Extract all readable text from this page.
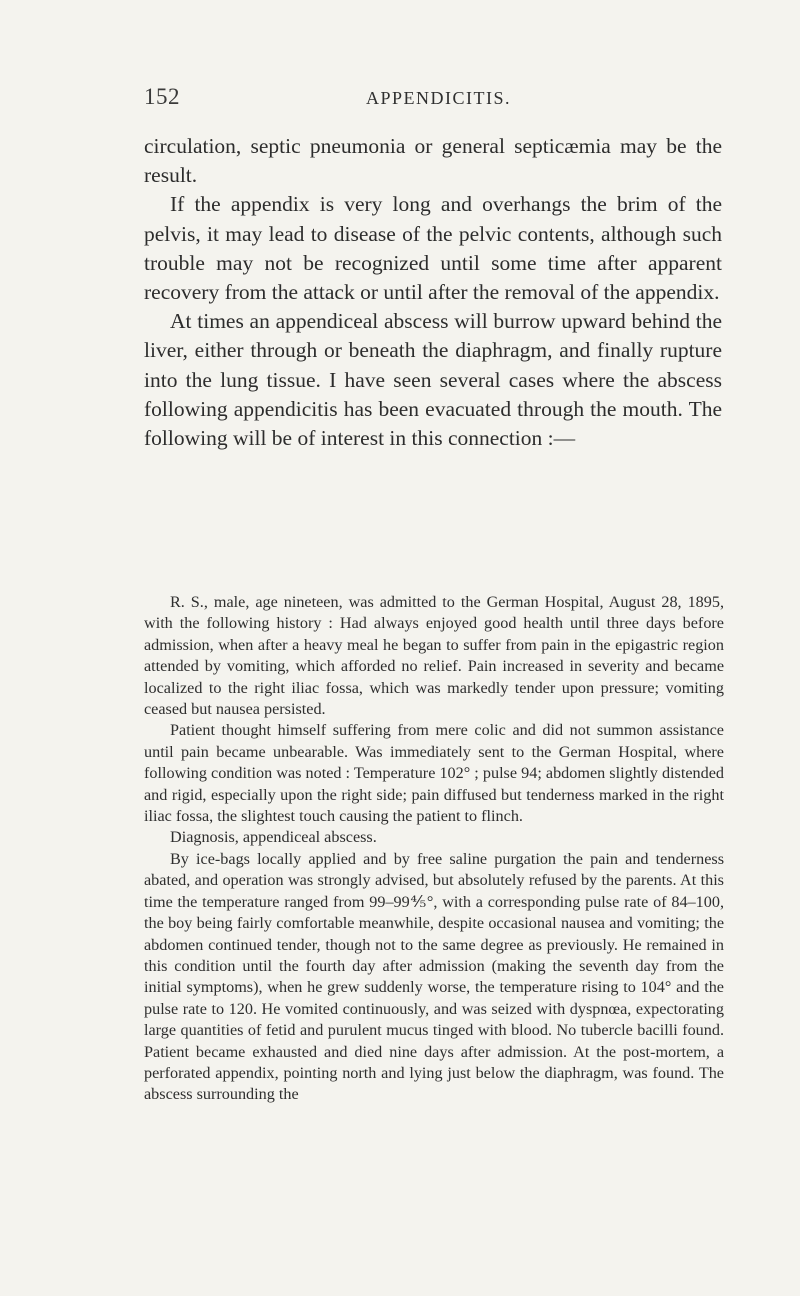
152	APPENDICITIS.

circulation, septic pneumonia or general septicæmia may be the result.

If the appendix is very long and overhangs the brim of the pelvis, it may lead to disease of the pelvic contents, although such trouble may not be recognized until some time after apparent recovery from the attack or until after the removal of the appendix.

At times an appendiceal abscess will burrow upward behind the liver, either through or beneath the diaphragm, and finally rupture into the lung tissue. I have seen several cases where the abscess following appendicitis has been evacuated through the mouth. The following will be of interest in this connection :—

R. S., male, age nineteen, was admitted to the German Hospital, August 28, 1895, with the following history : Had always enjoyed good health until three days before admission, when after a heavy meal he began to suffer from pain in the epigastric region attended by vomiting, which afforded no relief. Pain increased in severity and became localized to the right iliac fossa, which was markedly tender upon pressure; vomiting ceased but nausea persisted.

Patient thought himself suffering from mere colic and did not summon assistance until pain became unbearable. Was immediately sent to the German Hospital, where following condition was noted : Temperature 102° ; pulse 94; abdomen slightly distended and rigid, especially upon the right side; pain diffused but tenderness marked in the right iliac fossa, the slightest touch causing the patient to flinch.

Diagnosis, appendiceal abscess.

By ice-bags locally applied and by free saline purgation the pain and tenderness abated, and operation was strongly advised, but absolutely refused by the parents. At this time the temperature ranged from 99–99⅘°, with a corresponding pulse rate of 84–100, the boy being fairly comfortable meanwhile, despite occasional nausea and vomiting; the abdomen continued tender, though not to the same degree as previously. He remained in this condition until the fourth day after admission (making the seventh day from the initial symptoms), when he grew suddenly worse, the temperature rising to 104° and the pulse rate to 120. He vomited continuously, and was seized with dyspnœa, expectorating large quantities of fetid and purulent mucus tinged with blood. No tubercle bacilli found. Patient became exhausted and died nine days after admission. At the post-mortem, a perforated appendix, pointing north and lying just below the diaphragm, was found. The abscess surrounding the
